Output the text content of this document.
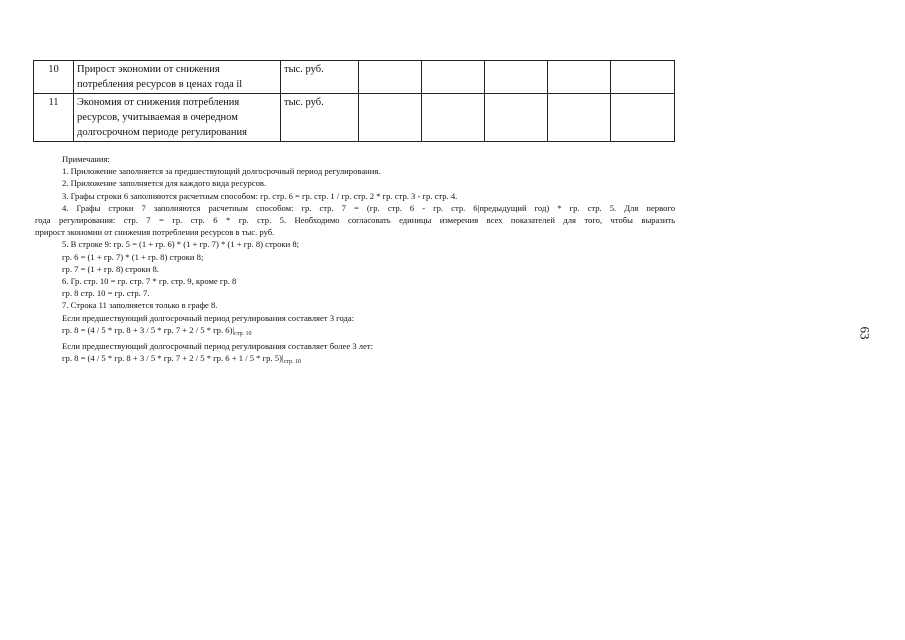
10	Прирост экономии от снижения потребления ресурсов в ценах года il	тыс. руб.					
11	Экономия от снижения потребления ресурсов, учитываемая в очередном долгосрочном периоде регулирования	тыс. руб.					

Примечания:

1. Приложение заполняется за предшествующий долгосрочный период регулирования.

2. Приложение заполняется для каждого вида ресурсов.

3. Графы строки 6 заполняются расчетным способом: гр. стр. 6 = гр. стр. 1 / гр. стр. 2 * гр. стр. 3 - гр. стр. 4.

4. Графы строки 7 заполняются расчетным способом: гр. стр. 7 = (гр. стр. 6 - гр. стр. 6|предыдущий год) * гр. стр. 5. Для первого

года регулирования: стр. 7 = гр. стр. 6 * гр. стр. 5. Необходимо согласовать единицы измерения всех показателей для того, чтобы выразить

прирост экономии от снижения потребления ресурсов в тыс. руб.

5. В строке 9: гр. 5 = (1 + гр. 6) * (1 + гр. 7) * (1 + гр. 8) строки 8;

гр. 6 = (1 + гр. 7) * (1 + гр. 8) строки 8;

гр. 7 = (1 + гр. 8) строки 8.

6. Гр. стр. 10 = гр. стр. 7 * гр. стр. 9, кроме гр. 8

гр. 8 стр. 10 = гр. стр. 7.

7. Строка 11 заполняется только в графе 8.

Если предшествующий долгосрочный период регулирования составляет 3 года:

гр. 8 = (4 / 5 * гр. 8 + 3 / 5 * гр. 7 + 2 / 5 * гр. $6)|_{стр. 10}$

Если предшествующий долгосрочный период регулирования составляет более 3 лет:

гр. 8 = (4 / 5 * гр. 8 + 3 / 5 * гр. 7 + 2 / 5 * гр. 6 + 1 / 5 * гр. $5)|_{стр. 10}$

63
